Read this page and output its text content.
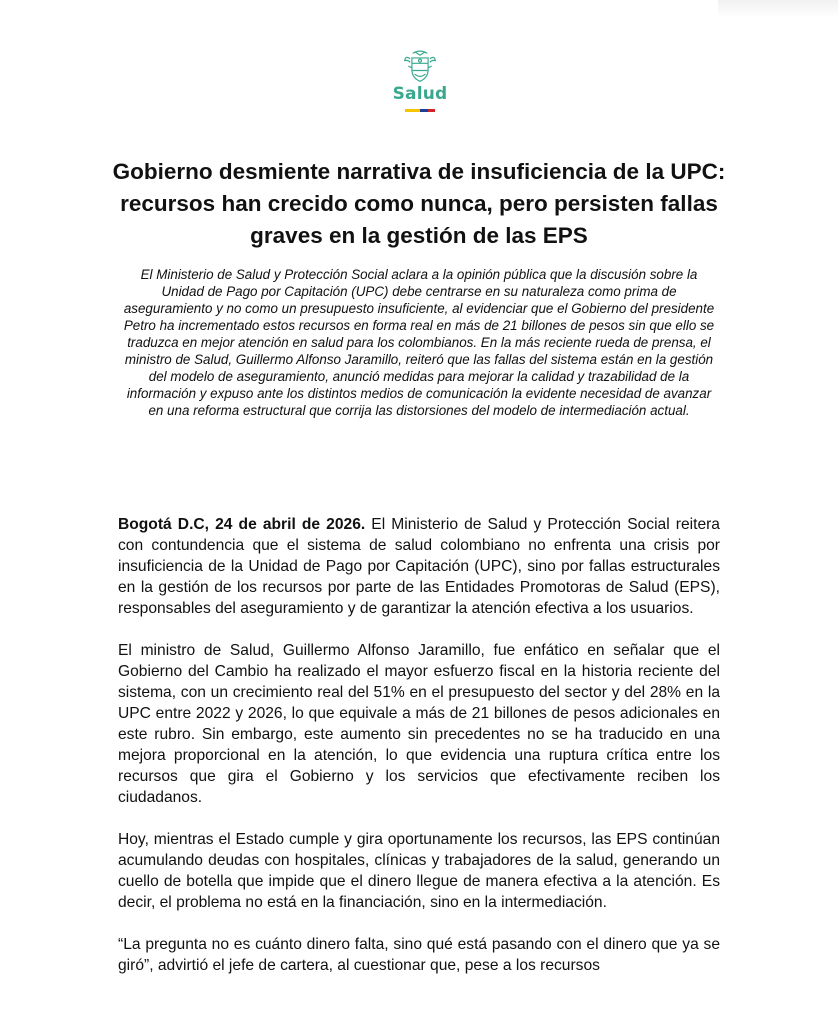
Salud
Gobierno desmiente narrativa de insuficiencia de la UPC: recursos han crecido como nunca, pero persisten fallas graves en la gestión de las EPS

El Ministerio de Salud y Protección Social aclara a la opinión pública que la discusión sobre la Unidad de Pago por Capitación (UPC) debe centrarse en su naturaleza como prima de aseguramiento y no como un presupuesto insuficiente, al evidenciar que el Gobierno del presidente Petro ha incrementado estos recursos en forma real en más de 21 billones de pesos sin que ello se traduzca en mejor atención en salud para los colombianos. En la más reciente rueda de prensa, el ministro de Salud, Guillermo Alfonso Jaramillo, reiteró que las fallas del sistema están en la gestión del modelo de aseguramiento, anunció medidas para mejorar la calidad y trazabilidad de la información y expuso ante los distintos medios de comunicación la evidente necesidad de avanzar en una reforma estructural que corrija las distorsiones del modelo de intermediación actual.

Bogotá D.C, 24 de abril de 2026. El Ministerio de Salud y Protección Social reitera con contundencia que el sistema de salud colombiano no enfrenta una crisis por insuficiencia de la Unidad de Pago por Capitación (UPC), sino por fallas estructurales en la gestión de los recursos por parte de las Entidades Promotoras de Salud (EPS), responsables del aseguramiento y de garantizar la atención efectiva a los usuarios.

El ministro de Salud, Guillermo Alfonso Jaramillo, fue enfático en señalar que el Gobierno del Cambio ha realizado el mayor esfuerzo fiscal en la historia reciente del sistema, con un crecimiento real del 51% en el presupuesto del sector y del 28% en la UPC entre 2022 y 2026, lo que equivale a más de 21 billones de pesos adicionales en este rubro. Sin embargo, este aumento sin precedentes no se ha traducido en una mejora proporcional en la atención, lo que evidencia una ruptura crítica entre los recursos que gira el Gobierno y los servicios que efectivamente reciben los ciudadanos.

Hoy, mientras el Estado cumple y gira oportunamente los recursos, las EPS continúan acumulando deudas con hospitales, clínicas y trabajadores de la salud, generando un cuello de botella que impide que el dinero llegue de manera efectiva a la atención. Es decir, el problema no está en la financiación, sino en la intermediación.

“La pregunta no es cuánto dinero falta, sino qué está pasando con el dinero que ya se giró”, advirtió el jefe de cartera, al cuestionar que, pese a los recursos
